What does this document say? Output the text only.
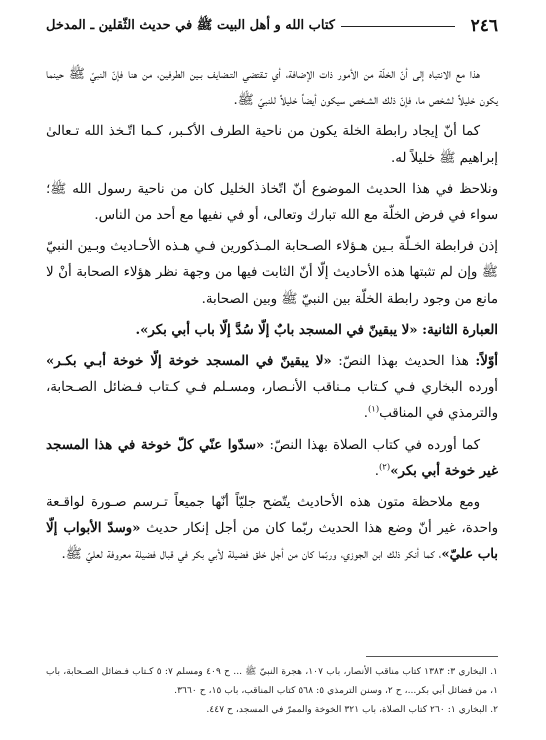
٢٤٦
كتاب الله و أهل البيت ﷺ في حديث الثّقلين ـ المدخل

هذا مع الانتباه إلى أنّ الخلّة من الأمور ذات الإضافة، أي تـقتضي التـضايف بـين الطرفين، من هنا فإنّ النبيّ ﷺ حينما يكون خليلاً لشخص ما، فإنّ ذلك الشـخص سيكون أيضاً خليلاً للنبيّ ﷺ.

كما أنّ إيجاد رابطة الخلة يكون من ناحية الطرف الأكـبر، كـما اتّـخذ الله تـعالىٰ إبراهيم ﷺ خليلاً له.

ونلاحظ في هذا الحديث الموضوع أنّ اتّخاذ الخليل كان من ناحية رسول الله ﷺ؛ سواء في فرض الخلّة مع الله تبارك وتعالى، أو في نفيها مع أحد من الناس.

إذن فرابطة الخـلّة بـين هـؤلاء الصـحابة المـذكورين فـي هـذه الأحـاديث وبـين النبيّ ﷺ وإن لم تثبتها هذه الأحاديث إلّا أنّ الثابت فيها من وجهة نظر هؤلاء الصحابة أنْ لا مانع من وجود رابطة الخلّة بين النبيّ ﷺ وبين الصحابة.

العبارة الثانية: «لا يبقينّ في المسجد بابٌ إلّا سُدَّ إلّا باب أبي بكر».

أوّلاً: هذا الحديث بهذا النصّ: «لا يبقينّ في المسجد خوخة إلّا خوخة أبـي بكـر» أورده البخاري فـي كـتاب مـناقب الأنـصار، ومسـلم فـي كـتاب فـضائل الصـحابة، والترمذي في المناقب$^{(١)}$.

كما أورده في كتاب الصلاة بهذا النصّ: «سدّوا عنّي كلّ خوخة في هذا المسجد غير خوخة أبي بكر»$^{(٢)}$.

ومع ملاحظة متون هذه الأحاديث يتّضح جليّاً أنّها جميعاً تـرسم صـورة لواقـعة واحدة، غير أنّ وضع هذا الحديث ربّما كان من أجل إنكار حديث «وسدّ الأبواب إلّا باب عليّ»، كما أنكر ذلك ابن الجوزي، وربّما كان من أجل خلق فضيلة لأبي بكر في قبال فضيلة معروفة لعليّ ﷺ.

١. البخاري ٣: ١٣٨٣ كتاب مناقب الأنصار، باب ١٠٧، هجرة النبيّ ﷺ ... ح ٤٠٩ ومسلم ٧: ٥ كـتاب فـضائل الصـحابة، باب ١، من فضائل أبي بكر...، ح ٢، وسنن الترمذي ٥: ٥٦٨ كتاب المناقب، باب ١٥، ح ٣٦٦٠.

٢. البخاري ١: ٢٦٠ كتاب الصلاة، باب ٣٢١ الخوخة والممرّ في المسجد، ح ٤٤٧.
